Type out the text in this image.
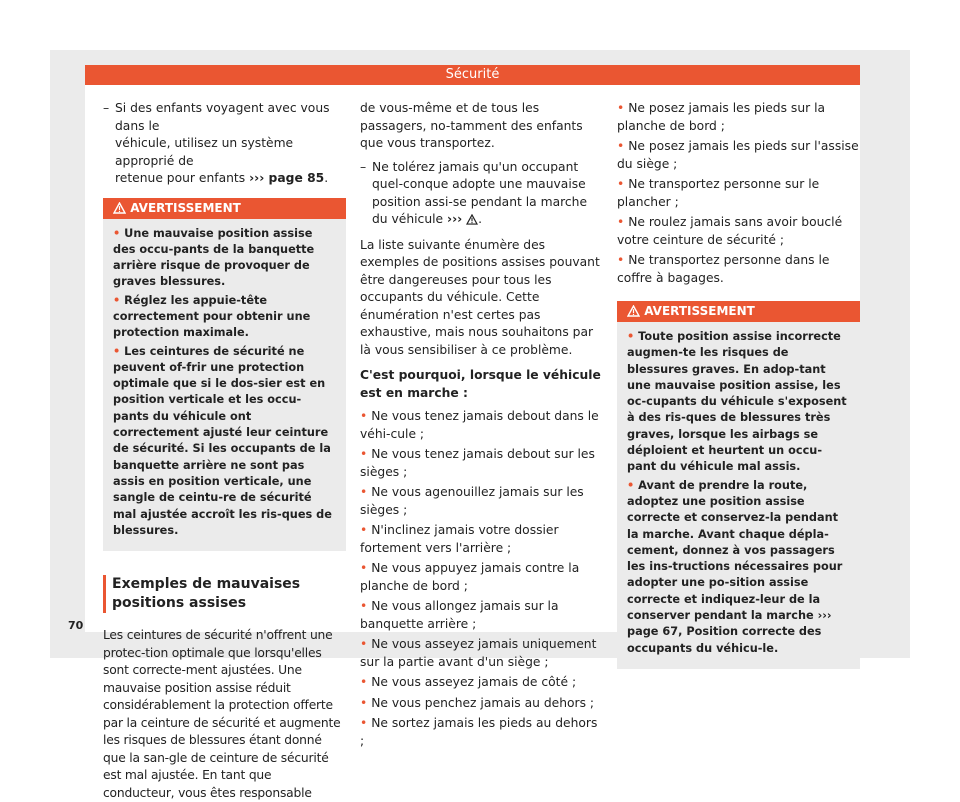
Sécurité
– Si des enfants voyagent avec vous dans le
véhicule, utilisez un système approprié de
retenue pour enfants ››› page 85.

AVERTISSEMENT

• Une mauvaise position assise des occu-pants de la banquette arrière risque de provoquer de graves blessures.

• Réglez les appuie-tête correctement pour obtenir une protection maximale.

• Les ceintures de sécurité ne peuvent of-frir une protection optimale que si le dos-sier est en position verticale et les occu-pants du véhicule ont correctement ajusté leur ceinture de sécurité. Si les occupants de la banquette arrière ne sont pas assis en position verticale, une sangle de ceintu-re de sécurité mal ajustée accroît les ris-ques de blessures.

Exemples de mauvaises positions assises

Les ceintures de sécurité n'offrent une protec-tion optimale que lorsqu'elles sont correcte-ment ajustées. Une mauvaise position assise réduit considérablement la protection offerte par la ceinture de sécurité et augmente les risques de blessures étant donné que la san-gle de ceinture de sécurité est mal ajustée. En tant que conducteur, vous êtes responsable

de vous-même et de tous les passagers, no-tamment des enfants que vous transportez.

– Ne tolérez jamais qu'un occupant quel-conque adopte une mauvaise position assi-se pendant la marche du véhicule ››› .

La liste suivante énumère des exemples de positions assises pouvant être dangereuses pour tous les occupants du véhicule. Cette énumération n'est certes pas exhaustive, mais nous souhaitons par là vous sensibiliser à ce problème.

C'est pourquoi, lorsque le véhicule est en marche :

• Ne vous tenez jamais debout dans le véhi-cule ;

• Ne vous tenez jamais debout sur les sièges ;

• Ne vous agenouillez jamais sur les sièges ;

• N'inclinez jamais votre dossier fortement vers l'arrière ;

• Ne vous appuyez jamais contre la planche de bord ;

• Ne vous allongez jamais sur la banquette arrière ;

• Ne vous asseyez jamais uniquement sur la partie avant d'un siège ;

• Ne vous asseyez jamais de côté ;

• Ne vous penchez jamais au dehors ;

• Ne sortez jamais les pieds au dehors ;

• Ne posez jamais les pieds sur la planche de bord ;

• Ne posez jamais les pieds sur l'assise du siège ;

• Ne transportez personne sur le plancher ;

• Ne roulez jamais sans avoir bouclé votre ceinture de sécurité ;

• Ne transportez personne dans le coffre à bagages.

AVERTISSEMENT

• Toute position assise incorrecte augmen-te les risques de blessures graves. En adop-tant une mauvaise position assise, les oc-cupants du véhicule s'exposent à des ris-ques de blessures très graves, lorsque les airbags se déploient et heurtent un occu-pant du véhicule mal assis.

• Avant de prendre la route, adoptez une position assise correcte et conservez-la pendant la marche. Avant chaque dépla-cement, donnez à vos passagers les ins-tructions nécessaires pour adopter une po-sition assise correcte et indiquez-leur de la conserver pendant la marche ››› page 67, Position correcte des occupants du véhicu-le.

70
